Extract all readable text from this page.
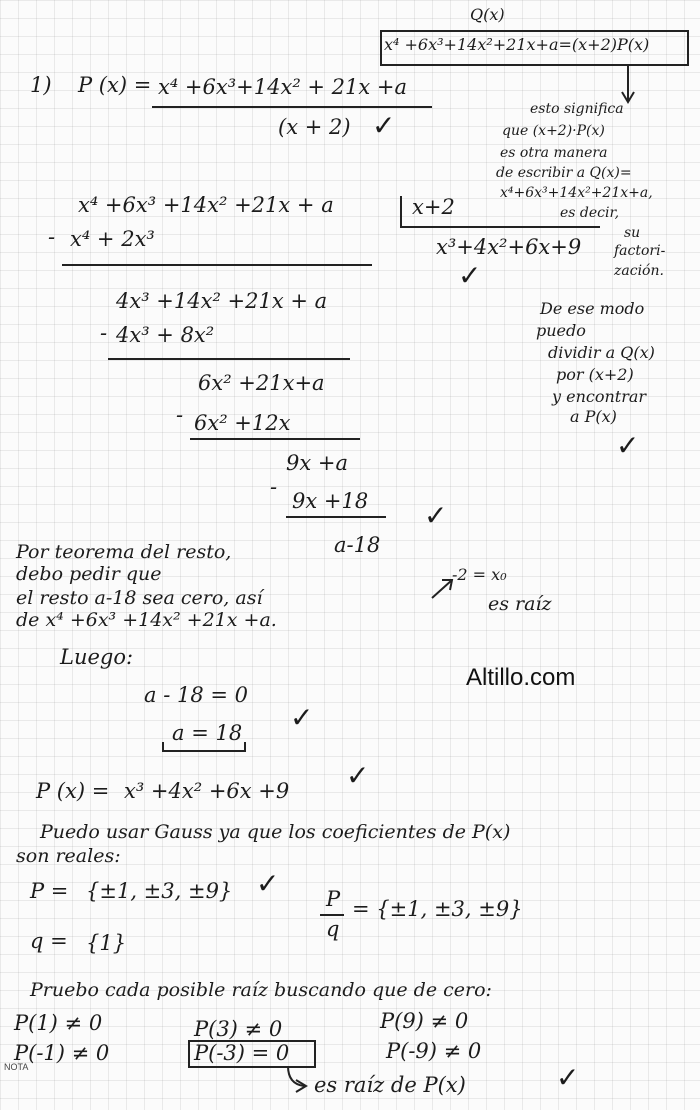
Q(x)
x⁴ +6x³+14x²+21x+a=(x+2)P(x)
1) P (x) = x⁴ +6x³+14x² + 21x +a
(x + 2) ✓	esto significa
que (x+2)·P(x)
es otra manera
de escribir a Q(x)=
x⁴+6x³+14x²+21x+a,
es decir,
su
factori-
zación.
De ese modo
puedo
dividir a Q(x)
por (x+2)
y encontrar
a P(x)
✓
x⁴ +6x³ +14x² +21x + a	x+2
x³+4x²+6x+9
✓
- x⁴ + 2x³
4x³ +14x² +21x + a
- 4x³ + 8x²
6x² +21x+a
- 6x² +12x
9x +a
-
9x +18
a-18
✓
Por teorema del resto,
debo pedir que
el resto a-18 sea cero, así
de x⁴ +6x³ +14x² +21x +a.
-2 = x₀
es raíz
Luego:
a - 18 = 0
a = 18 ✓
P (x) = x³ +4x² +6x +9 ✓
Puedo usar Gauss ya que los coeficientes de P(x)
son reales:
P = {±1, ±3, ±9} ✓ P
q
= {±1, ±3, ±9}
q = {1}
Pruebo cada posible raíz buscando que de cero:
P(1) ≠ 0
P(-1) ≠ 0
P(3) ≠ 0
P(-3) = 0
P(9) ≠ 0
P(-9) ≠ 0
es raíz de P(x)	✓
NOTA
Altillo.com
